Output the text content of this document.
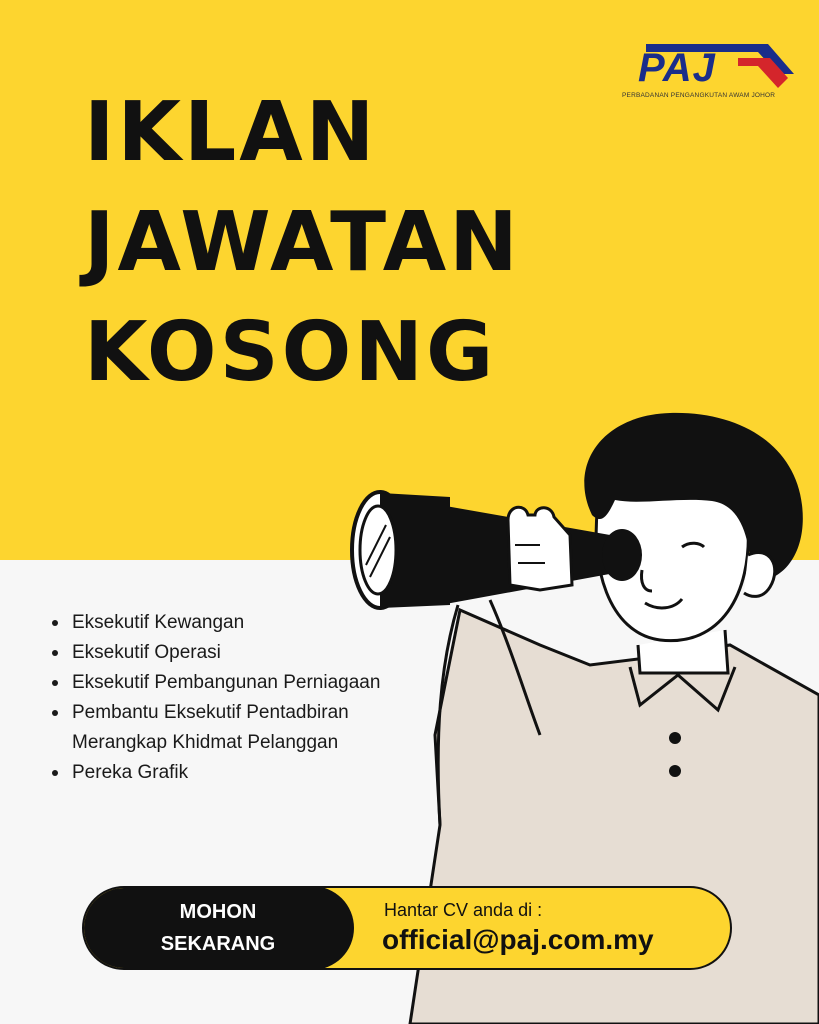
IKLAN
JAWATAN
KOSONG
PAJ
PERBADANAN PENGANGKUTAN AWAM JOHOR
Eksekutif Kewangan
Eksekutif Operasi
Eksekutif Pembangunan Perniagaan
Pembantu Eksekutif Pentadbiran Merangkap Khidmat Pelanggan
Pereka Grafik
MOHON
SEKARANG
Hantar CV anda di :
official@paj.com.my
